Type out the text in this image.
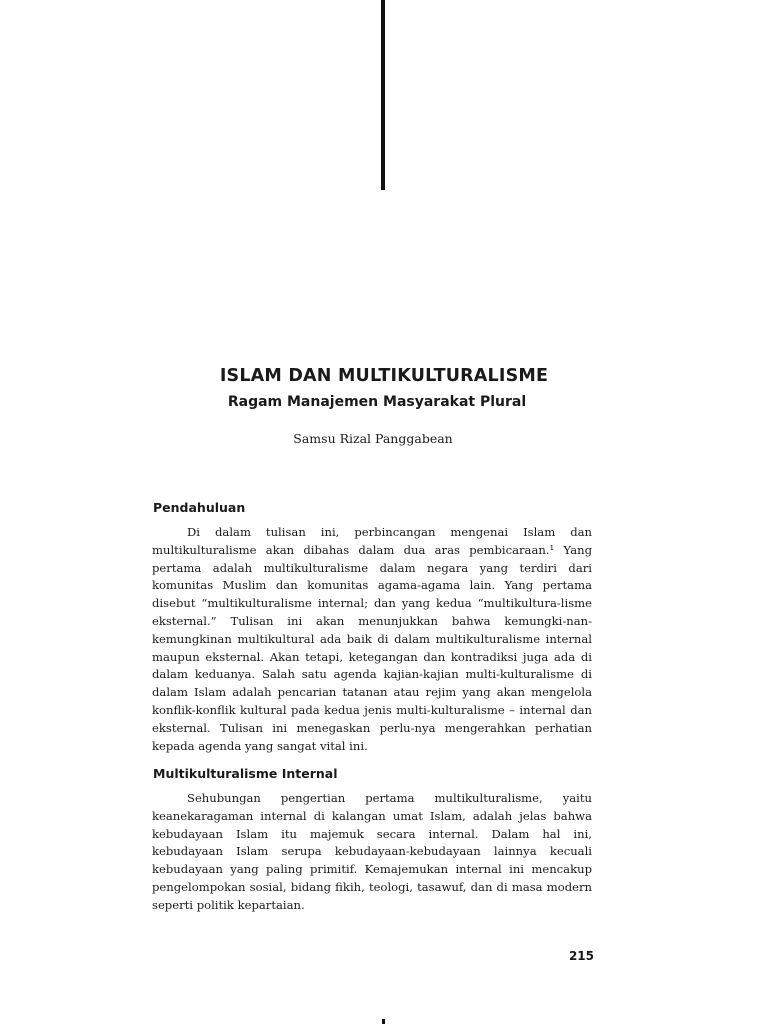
ISLAM DAN MULTIKULTURALISME
Ragam Manajemen Masyarakat Plural

Samsu Rizal Panggabean

Pendahuluan

Di dalam tulisan ini, perbincangan mengenai Islam dan multikulturalisme akan dibahas dalam dua aras pembicaraan.¹ Yang pertama adalah multikulturalisme dalam negara yang terdiri dari komunitas Muslim dan komunitas agama-agama lain. Yang pertama disebut “multikulturalisme internal; dan yang kedua “multikultura-lisme eksternal.” Tulisan ini akan menunjukkan bahwa kemungki-nan-kemungkinan multikultural ada baik di dalam multikulturalisme internal maupun eksternal. Akan tetapi, ketegangan dan kontradiksi juga ada di dalam keduanya. Salah satu agenda kajian-kajian multi-kulturalisme di dalam Islam adalah pencarian tatanan atau rejim yang akan mengelola konflik-konflik kultural pada kedua jenis multi-kulturalisme – internal dan eksternal. Tulisan ini menegaskan perlu-nya mengerahkan perhatian kepada agenda yang sangat vital ini.

Multikulturalisme Internal

Sehubungan pengertian pertama multikulturalisme, yaitu keanekaragaman internal di kalangan umat Islam, adalah jelas bahwa kebudayaan Islam itu majemuk secara internal. Dalam hal ini, kebudayaan Islam serupa kebudayaan-kebudayaan lainnya kecuali kebudayaan yang paling primitif. Kemajemukan internal ini mencakup pengelompokan sosial, bidang fikih, teologi, tasawuf, dan di masa modern seperti politik kepartaian.

215
